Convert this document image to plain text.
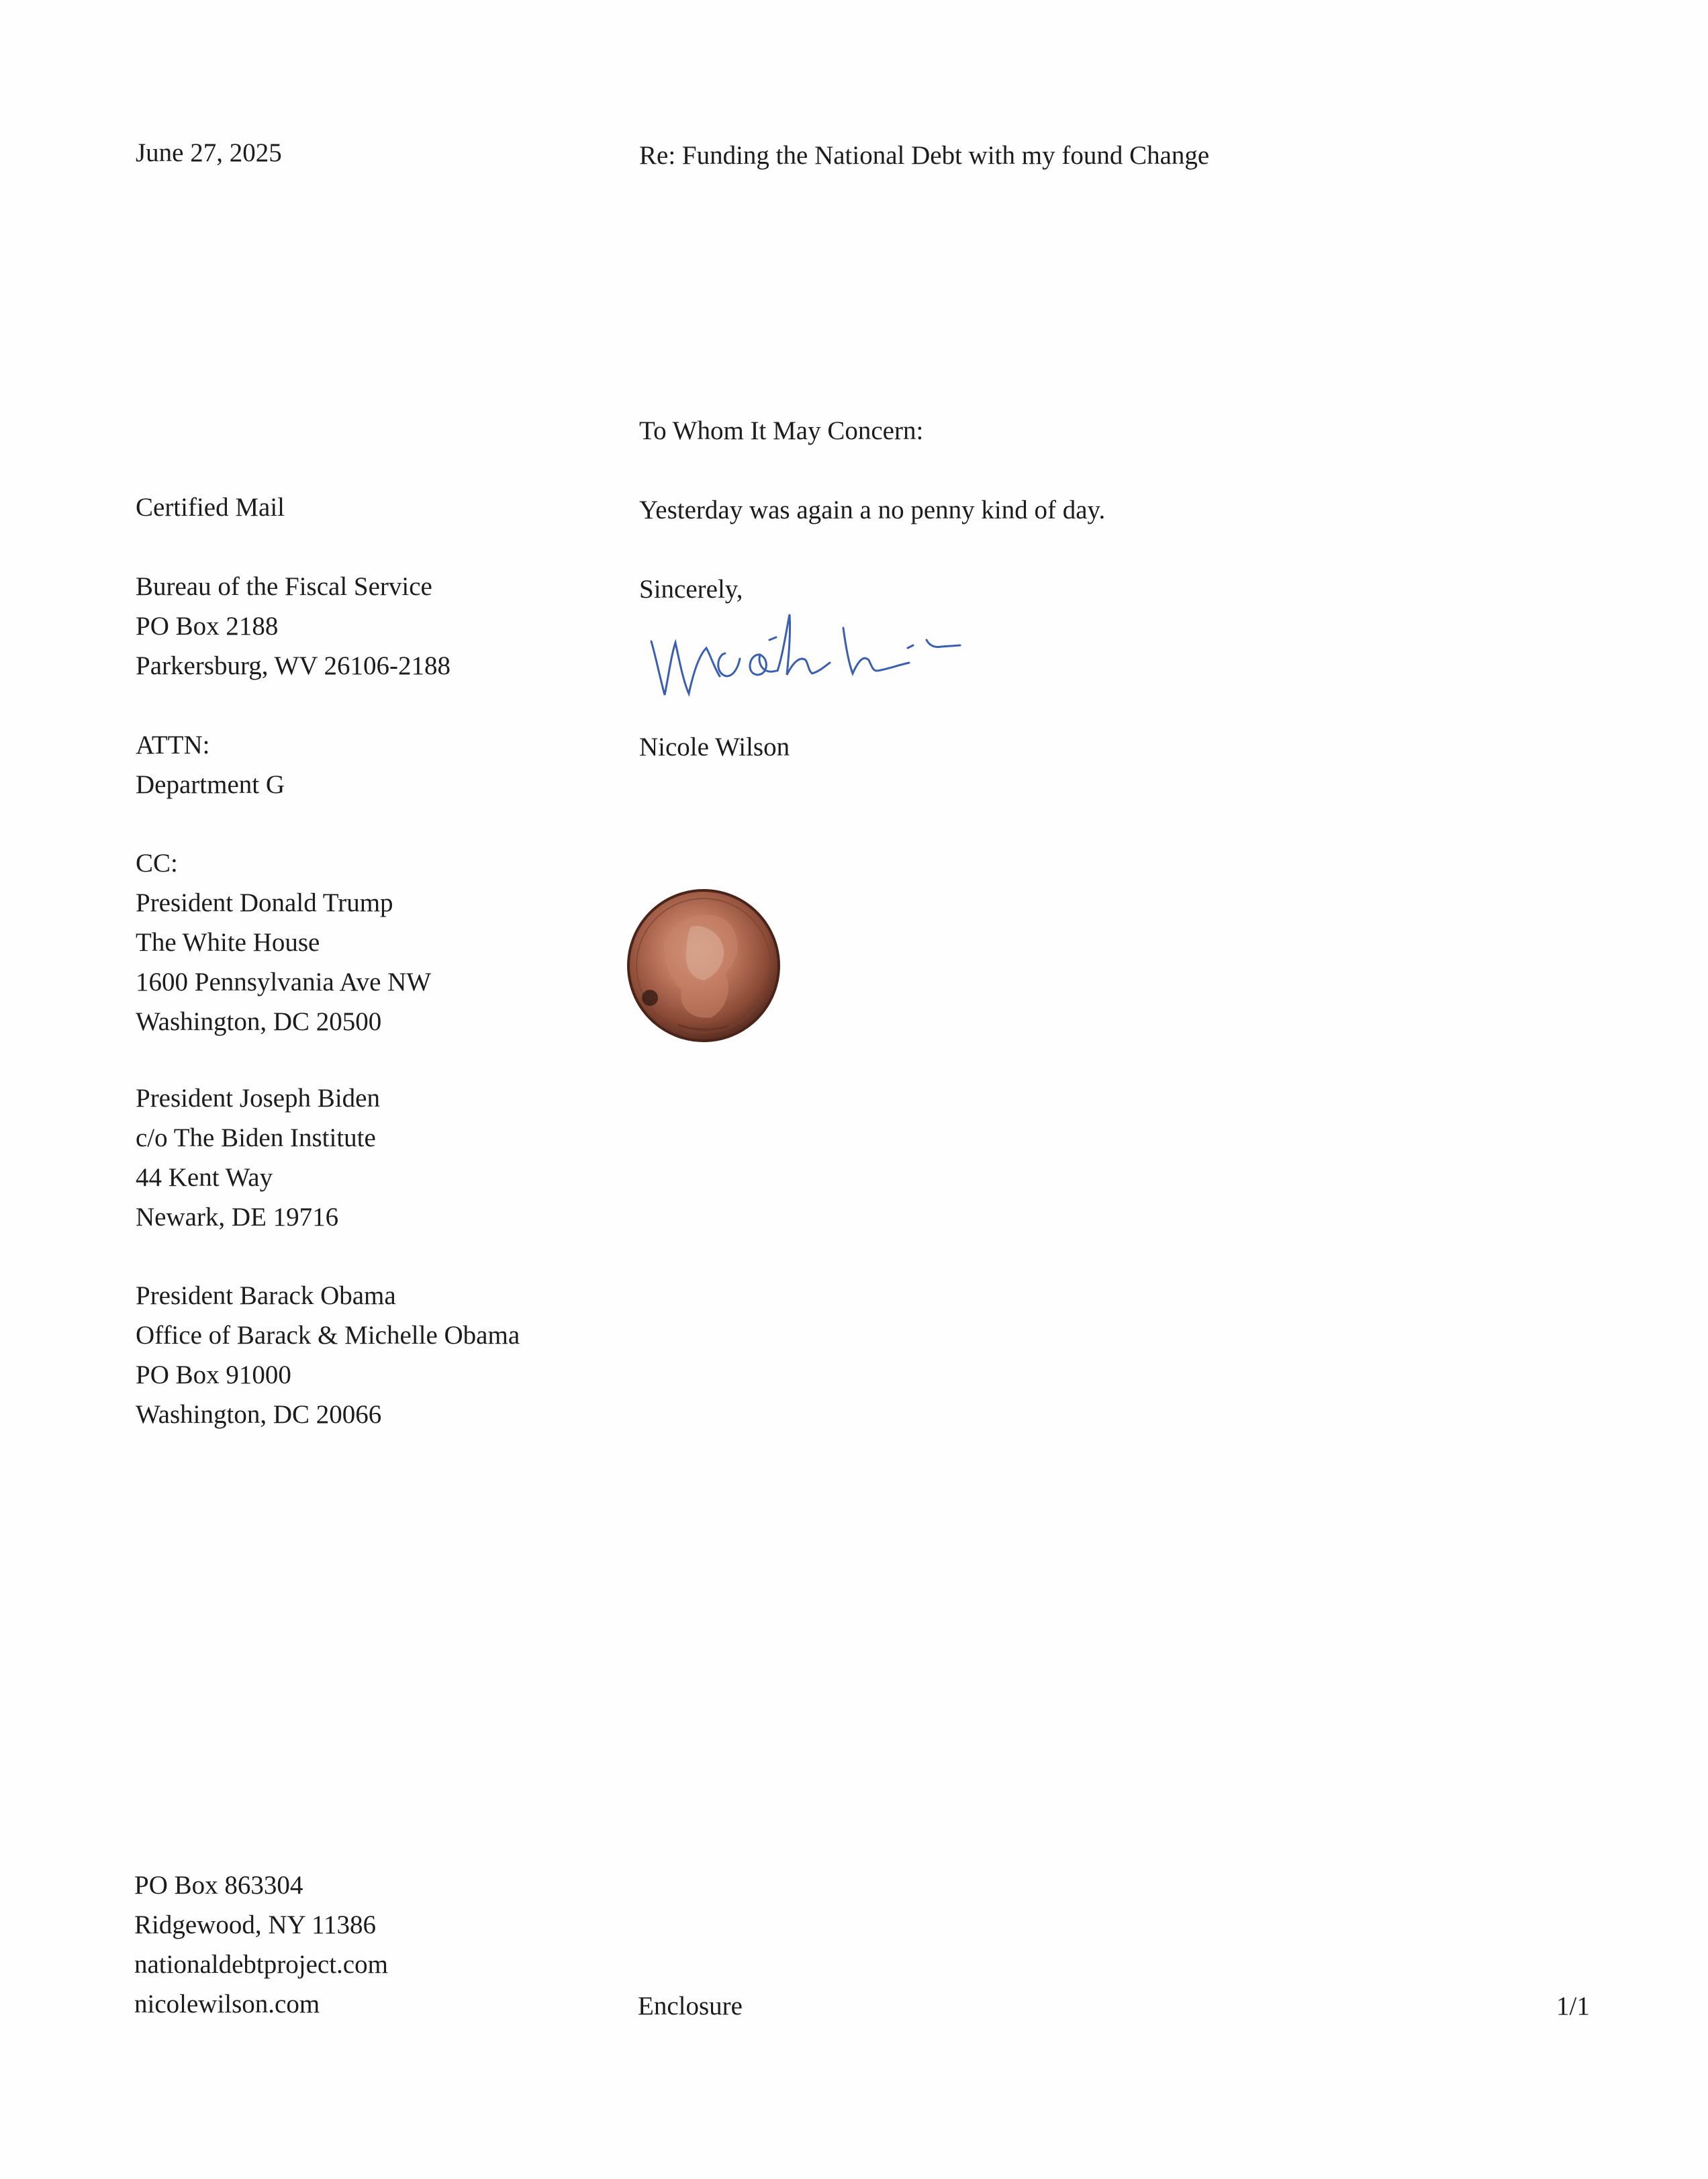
June 27, 2025	Re: Funding the National Debt with my found Change
To Whom It May Concern:
Yesterday was again a no penny kind of day.
Sincerely,
Nicole Wilson
Certified Mail
Bureau of the Fiscal Service
PO Box 2188
Parkersburg, WV 26106-2188
ATTN:
Department G
CC:
President Donald Trump
The White House
1600 Pennsylvania Ave NW
Washington, DC 20500
President Joseph Biden
c/o The Biden Institute
44 Kent Way
Newark, DE 19716
President Barack Obama
Office of Barack & Michelle Obama
PO Box 91000
Washington, DC 20066
PO Box 863304
Ridgewood, NY 11386
nationaldebtproject.com
nicolewilson.com	Enclosure	1/1
